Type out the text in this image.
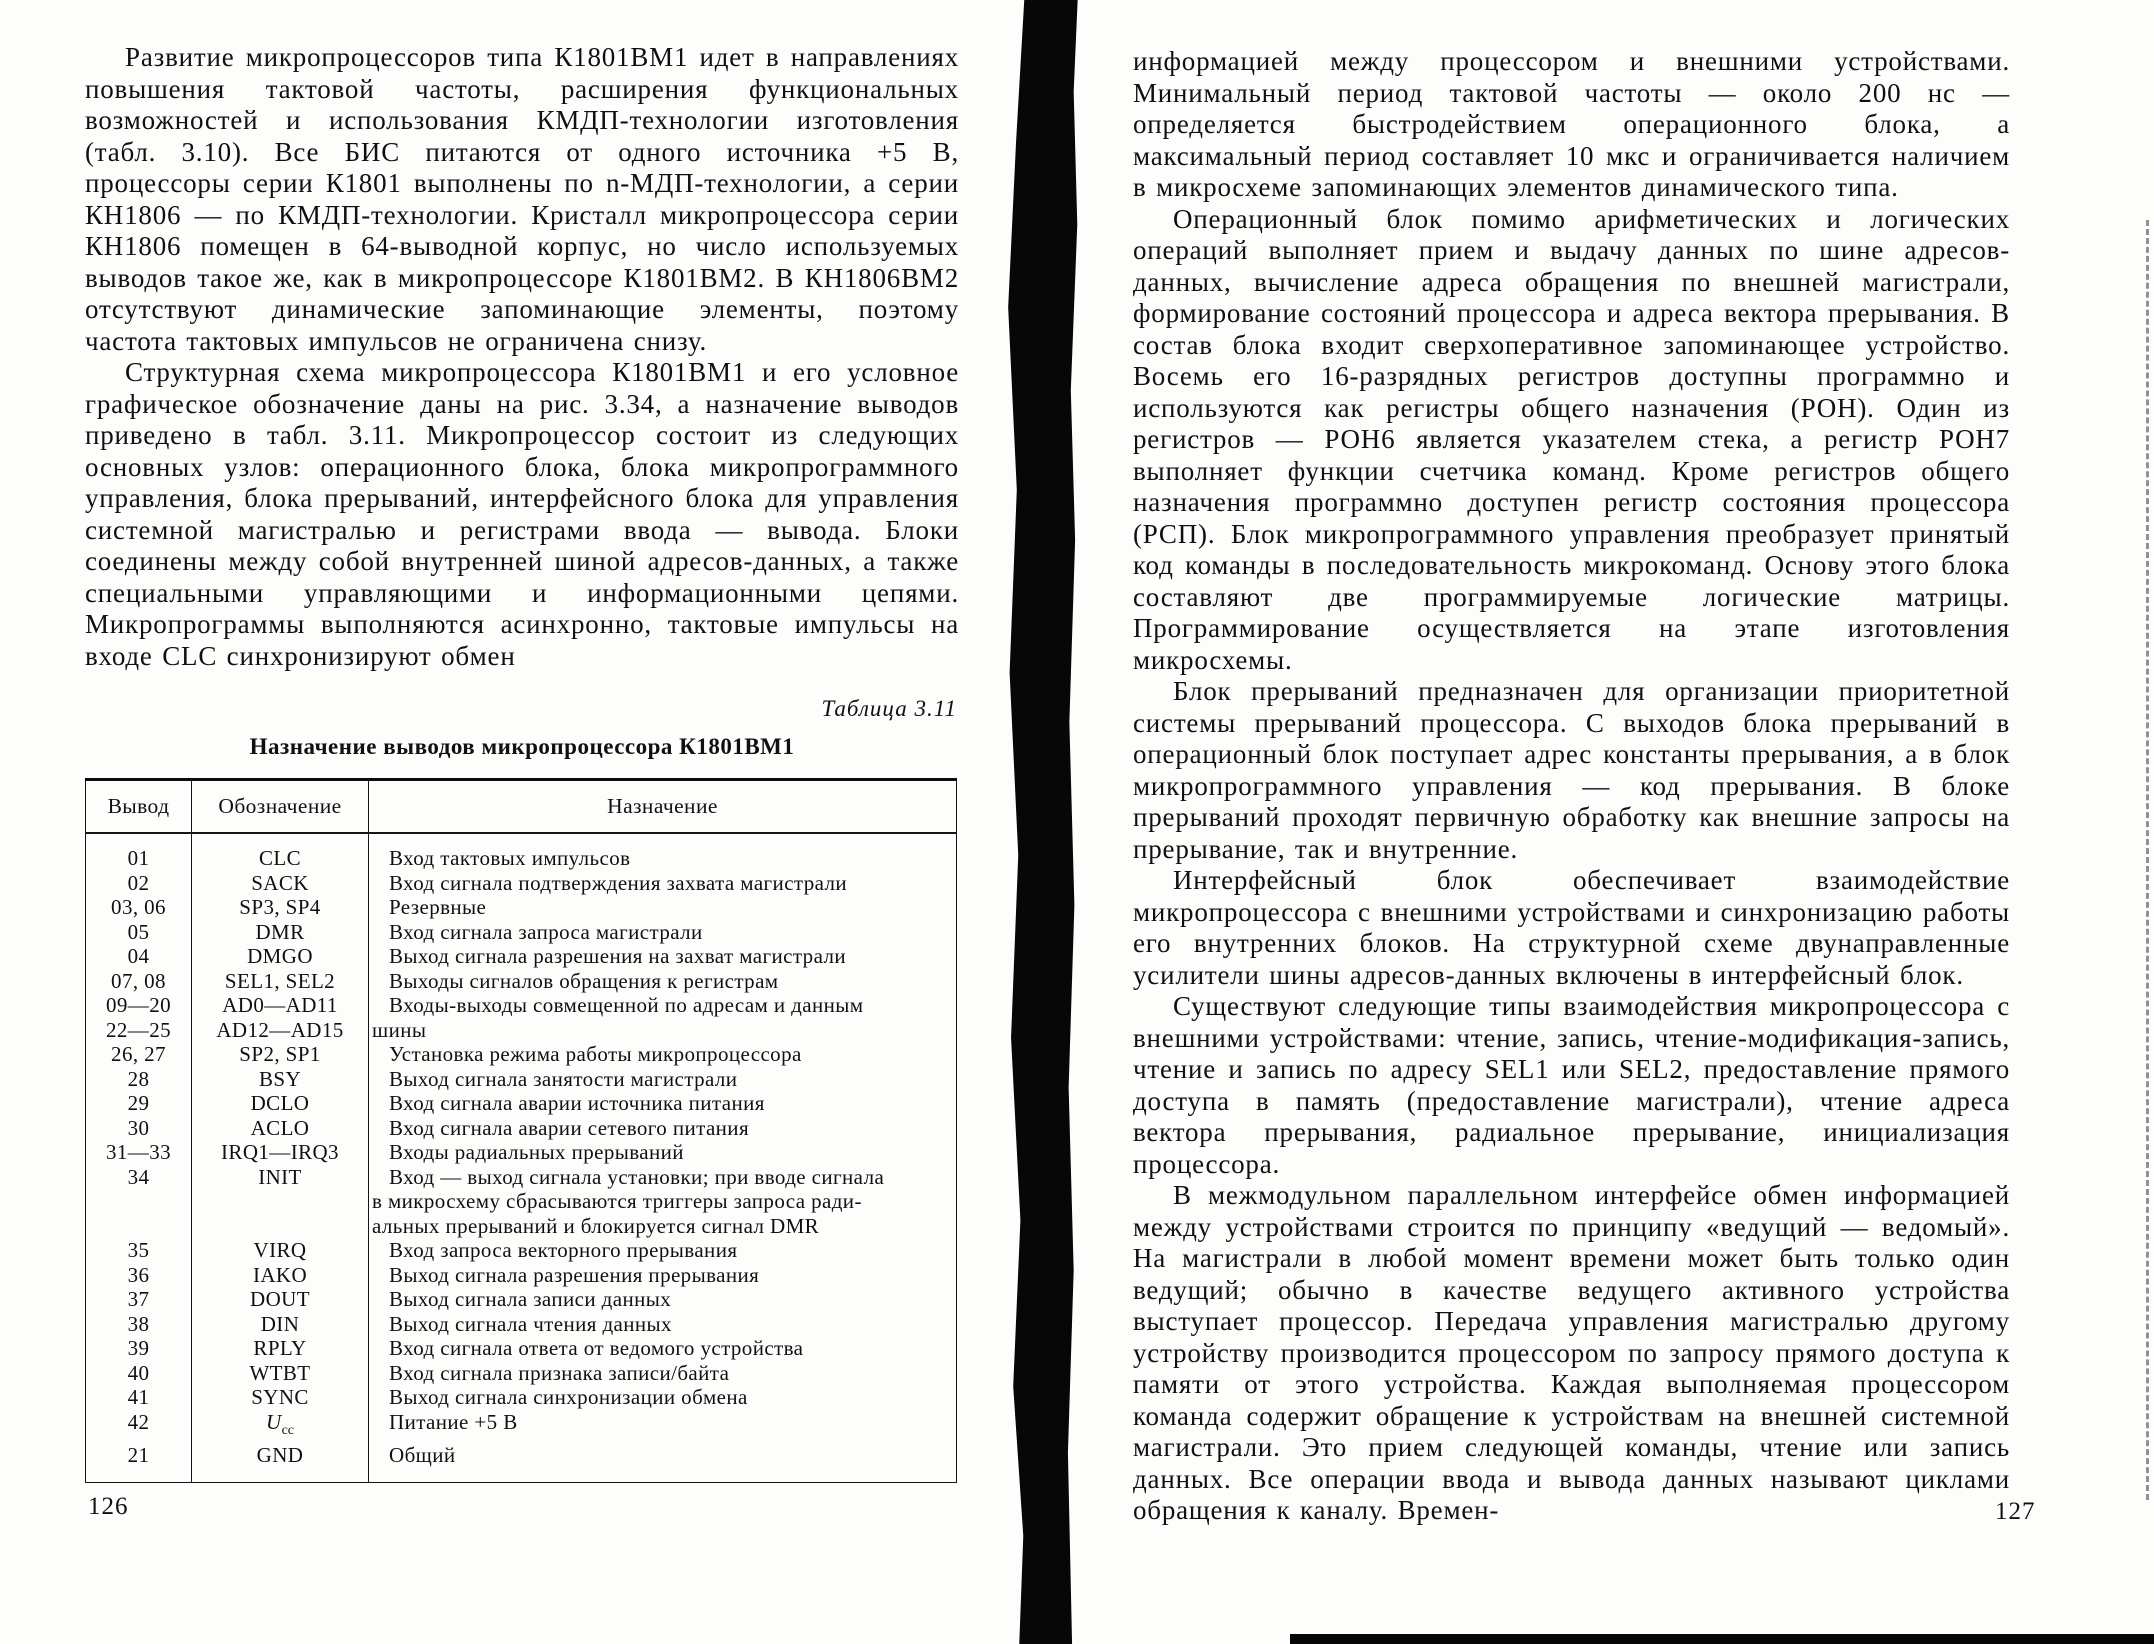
Развитие микропроцессоров типа К1801ВМ1 идет в направлениях повышения тактовой частоты, расширения функциональных возможностей и использования КМДП-технологии изготовления (табл. 3.10). Все БИС питаются от одного источника +5 В, процессоры серии К1801 выполнены по n-МДП-технологии, а серии КН1806 — по КМДП-технологии. Кристалл микропроцессора серии КН1806 помещен в 64-выводной корпус, но число используемых выводов такое же, как в микропроцессоре К1801ВМ2. В КН1806ВМ2 отсутствуют динамические запоминающие элементы, поэтому частота тактовых импульсов не ограничена снизу.

Структурная схема микропроцессора К1801ВМ1 и его условное графическое обозначение даны на рис. 3.34, а назначение выводов приведено в табл. 3.11. Микропроцессор состоит из следующих основных узлов: операционного блока, блока микропрограммного управления, блока прерываний, интерфейсного блока для управления системной магистралью и регистрами ввода — вывода. Блоки соединены между собой внутренней шиной адресов-данных, а также специальными управляющими и информационными цепями. Микропрограммы выполняются асинхронно, тактовые импульсы на входе CLC синхронизируют обмен

Таблица 3.11
Назначение выводов микропроцессора К1801ВМ1
Вывод	Обозначение	Назначение
01	CLC	Вход тактовых импульсов
02	SACK	Вход сигнала подтверждения захвата магистрали
03, 06	SP3, SP4	Резервные
05	DMR	Вход сигнала запроса магистрали
04	DMGO	Выход сигнала разрешения на захват магистрали
07, 08	SEL1, SEL2	Выходы сигналов обращения к регистрам
09—20	AD0—AD11	Входы-выходы совмещенной по адресам и данным
22—25	AD12—AD15	шины
26, 27	SP2, SP1	Установка режима работы микропроцессора
28	BSY	Выход сигнала занятости магистрали
29	DCLO	Вход сигнала аварии источника питания
30	ACLO	Вход сигнала аварии сетевого питания
31—33	IRQ1—IRQ3	Входы радиальных прерываний
34	INIT	Вход — выход сигнала установки; при вводе сигнала
		в микросхему сбрасываются триггеры запроса ради-
		альных прерываний и блокируется сигнал DMR
35	VIRQ	Вход запроса векторного прерывания
36	IAKO	Выход сигнала разрешения прерывания
37	DOUT	Выход сигнала записи данных
38	DIN	Выход сигнала чтения данных
39	RPLY	Вход сигнала ответа от ведомого устройства
40	WTBT	Вход сигнала признака записи/байта
41	SYNC	Выход сигнала синхронизации обмена
42	$U_{cc}$	Питание +5 В
21	GND	Общий

информацией между процессором и внешними устройствами. Минимальный период тактовой частоты — около 200 нс — определяется быстродействием операционного блока, а максимальный период составляет 10 мкс и ограничивается наличием в микросхеме запоминающих элементов динамического типа.

Операционный блок помимо арифметических и логических операций выполняет прием и выдачу данных по шине адресов-данных, вычисление адреса обращения по внешней магистрали, формирование состояний процессора и адреса вектора прерывания. В состав блока входит сверхоперативное запоминающее устройство. Восемь его 16-разрядных регистров доступны программно и используются как регистры общего назначения (РОН). Один из регистров — РОН6 является указателем стека, а регистр РОН7 выполняет функции счетчика команд. Кроме регистров общего назначения программно доступен регистр состояния процессора (РСП). Блок микропрограммного управления преобразует принятый код команды в последовательность микрокоманд. Основу этого блока составляют две программируемые логические матрицы. Программирование осуществляется на этапе изготовления микросхемы.

Блок прерываний предназначен для организации приоритетной системы прерываний процессора. С выходов блока прерываний в операционный блок поступает адрес константы прерывания, а в блок микропрограммного управления — код прерывания. В блоке прерываний проходят первичную обработку как внешние запросы на прерывание, так и внутренние.

Интерфейсный блок обеспечивает взаимодействие микропроцессора с внешними устройствами и синхронизацию работы его внутренних блоков. На структурной схеме двунаправленные усилители шины адресов-данных включены в интерфейсный блок.

Существуют следующие типы взаимодействия микропроцессора с внешними устройствами: чтение, запись, чтение-модификация-запись, чтение и запись по адресу SEL1 или SEL2, предоставление прямого доступа в память (предоставление магистрали), чтение адреса вектора прерывания, радиальное прерывание, инициализация процессора.

В межмодульном параллельном интерфейсе обмен информацией между устройствами строится по принципу «ведущий — ведомый». На магистрали в любой момент времени может быть только один ведущий; обычно в качестве ведущего активного устройства выступает процессор. Передача управления магистралью другому устройству производится процессором по запросу прямого доступа к памяти от этого устройства. Каждая выполняемая процессором команда содержит обращение к устройствам на внешней системной магистрали. Это прием следующей команды, чтение или запись данных. Все операции ввода и вывода данных называют циклами обращения к каналу. Времен-

126	127
